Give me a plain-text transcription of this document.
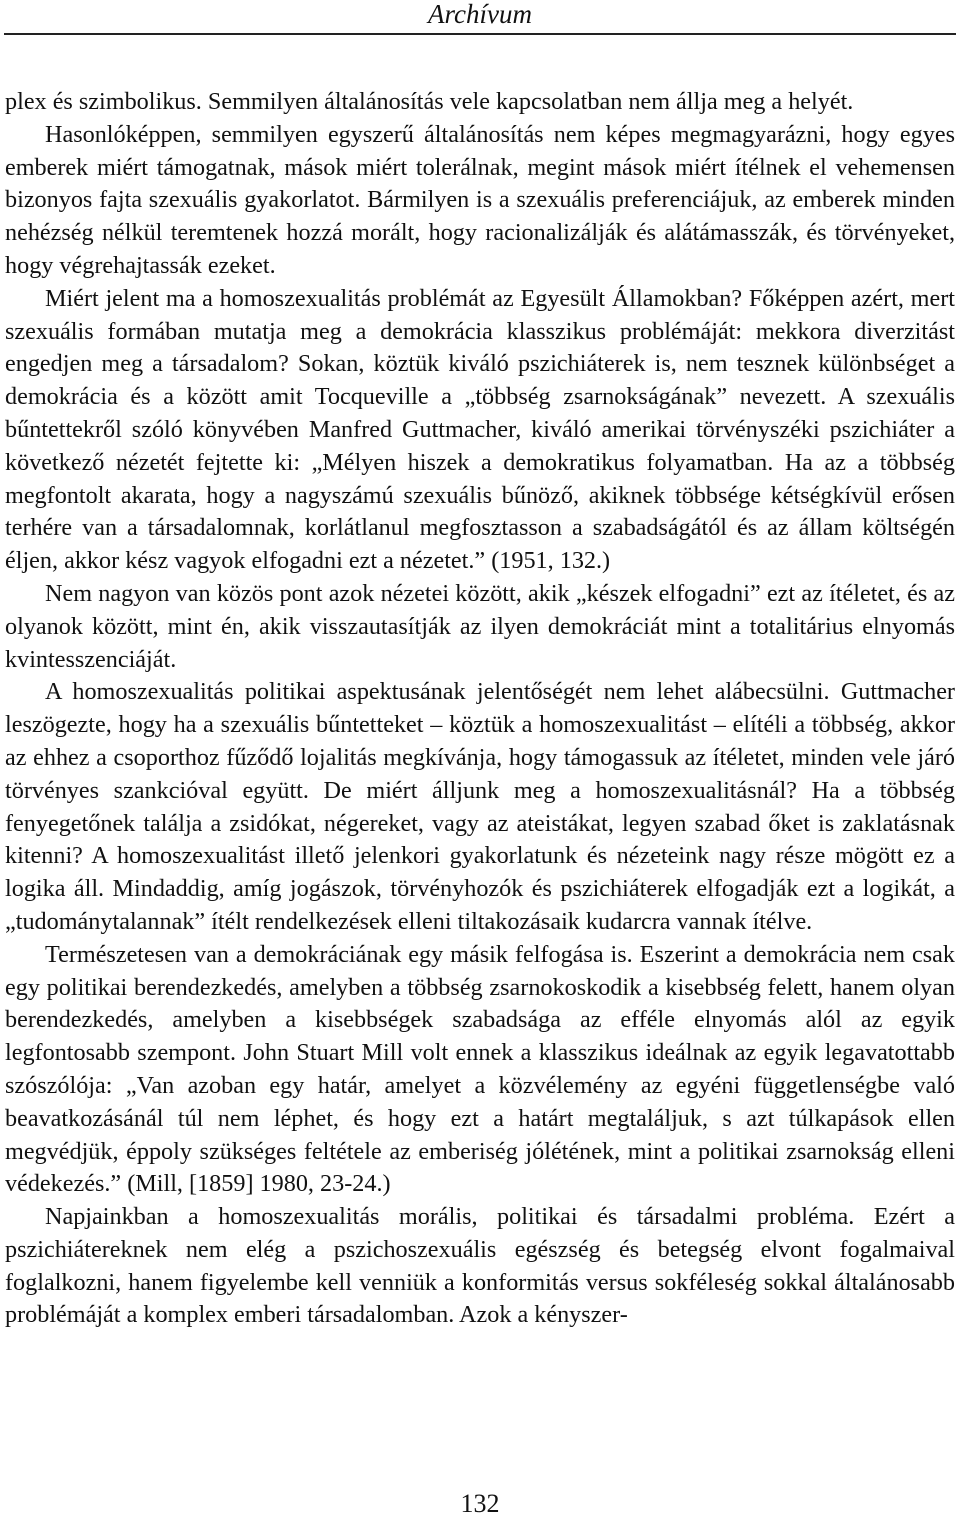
Archívum

plex és szimbolikus. Semmilyen általánosítás vele kapcsolatban nem állja meg a helyét.

Hasonlóképpen, semmilyen egyszerű általánosítás nem képes megmagyarázni, hogy egyes emberek miért támogatnak, mások miért tolerálnak, megint mások miért ítélnek el vehemensen bizonyos fajta szexuális gyakorlatot. Bármilyen is a szexuális preferenciájuk, az emberek minden nehézség nélkül teremtenek hozzá morált, hogy racionalizálják és alátámasszák, és törvényeket, hogy végrehajtassák ezeket.

Miért jelent ma a homoszexualitás problémát az Egyesült Államokban? Főképpen azért, mert szexuális formában mutatja meg a demokrácia klasszikus problémáját: mekkora diverzitást engedjen meg a társadalom? Sokan, köztük kiváló pszichiáterek is, nem tesznek különbséget a demokrácia és a között amit Tocqueville a „többség zsarnokságának” nevezett. A szexuális bűntettekről szóló könyvében Manfred Guttmacher, kiváló amerikai törvényszéki pszichiáter a következő nézetét fejtette ki: „Mélyen hiszek a demokratikus folyamatban. Ha az a többség megfontolt akarata, hogy a nagyszámú szexuális bűnöző, akiknek többsége kétségkívül erősen terhére van a társadalomnak, korlátlanul megfosztasson a szabadságától és az állam költségén éljen, akkor kész vagyok elfogadni ezt a nézetet.” (1951, 132.)

Nem nagyon van közös pont azok nézetei között, akik „készek elfogadni” ezt az ítéletet, és az olyanok között, mint én, akik visszautasítják az ilyen demokráciát mint a totalitárius elnyomás kvintesszenciáját.

A homoszexualitás politikai aspektusának jelentőségét nem lehet alábecsülni. Guttmacher leszögezte, hogy ha a szexuális bűntetteket – köztük a homoszexualitást – elítéli a többség, akkor az ehhez a csoporthoz fűződő lojalitás megkívánja, hogy támogassuk az ítéletet, minden vele járó törvényes szankcióval együtt. De miért álljunk meg a homoszexualitásnál? Ha a többség fenyegetőnek találja a zsidókat, négereket, vagy az ateistákat, legyen szabad őket is zaklatásnak kitenni? A homoszexualitást illető jelenkori gyakorlatunk és nézeteink nagy része mögött ez a logika áll. Mindaddig, amíg jogászok, törvényhozók és pszichiáterek elfogadják ezt a logikát, a „tudománytalannak” ítélt rendelkezések elleni tiltakozásaik kudarcra vannak ítélve.

Természetesen van a demokráciának egy másik felfogása is. Eszerint a demokrácia nem csak egy politikai berendezkedés, amelyben a többség zsarnokoskodik a kisebbség felett, hanem olyan berendezkedés, amelyben a kisebbségek szabadsága az efféle elnyomás alól az egyik legfontosabb szempont. John Stuart Mill volt ennek a klasszikus ideálnak az egyik legavatottabb szószólója: „Van azoban egy határ, amelyet a közvélemény az egyéni függetlenségbe való beavatkozásánál túl nem léphet, és hogy ezt a határt megtaláljuk, s azt túlkapások ellen megvédjük, éppoly szükséges feltétele az emberiség jólétének, mint a politikai zsarnokság elleni védekezés.” (Mill, [1859] 1980, 23-24.)

Napjainkban a homoszexualitás morális, politikai és társadalmi probléma. Ezért a pszichiátereknek nem elég a pszichoszexuális egészség és betegség elvont fogalmaival foglalkozni, hanem figyelembe kell venniük a konformitás versus sokféleség sokkal általánosabb problémáját a komplex emberi társadalomban. Azok a kényszer-

132
